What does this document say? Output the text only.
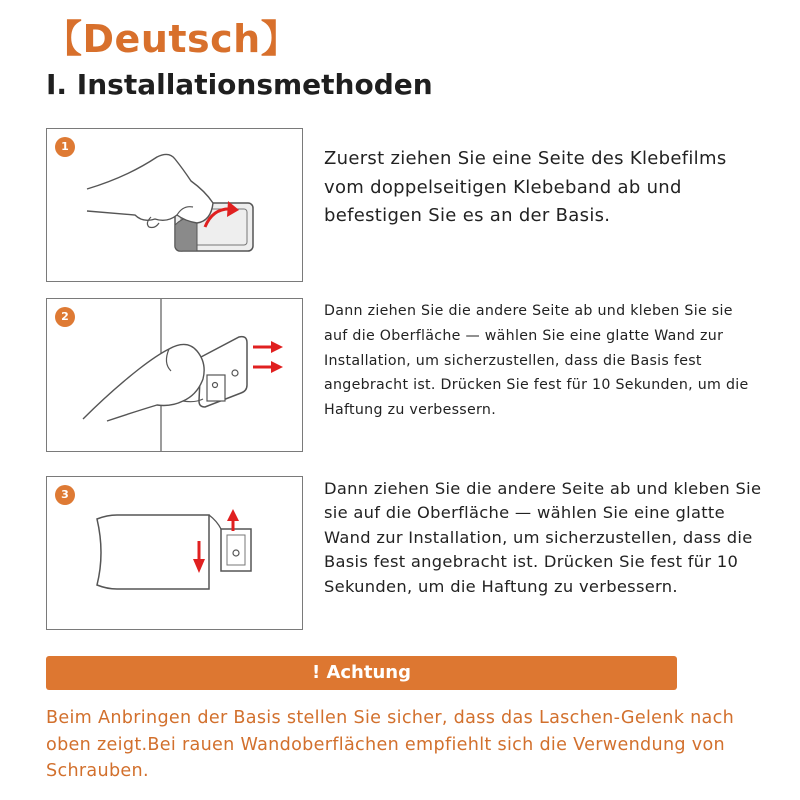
【Deutsch】
I. Installationsmethoden
1

Zuerst ziehen Sie eine Seite des Klebefilms vom doppelseitigen Klebeband ab und befestigen Sie es an der Basis.

2	Dann ziehen Sie die andere Seite ab und kleben Sie sie auf die Oberfläche — wählen Sie eine glatte Wand zur Installation, um sicherzustellen, dass die Basis fest angebracht ist. Drücken Sie fest für 10 Sekunden, um die Haftung zu verbessern.

3	Dann ziehen Sie die andere Seite ab und kleben Sie sie auf die Oberfläche — wählen Sie eine glatte Wand zur Installation, um sicherzustellen, dass die Basis fest angebracht ist. Drücken Sie fest für 10 Sekunden, um die Haftung zu verbessern.

! Achtung

Beim Anbringen der Basis stellen Sie sicher, dass das Laschen-Gelenk nach oben zeigt.Bei rauen Wandoberflächen empfiehlt sich die Verwendung von Schrauben.
